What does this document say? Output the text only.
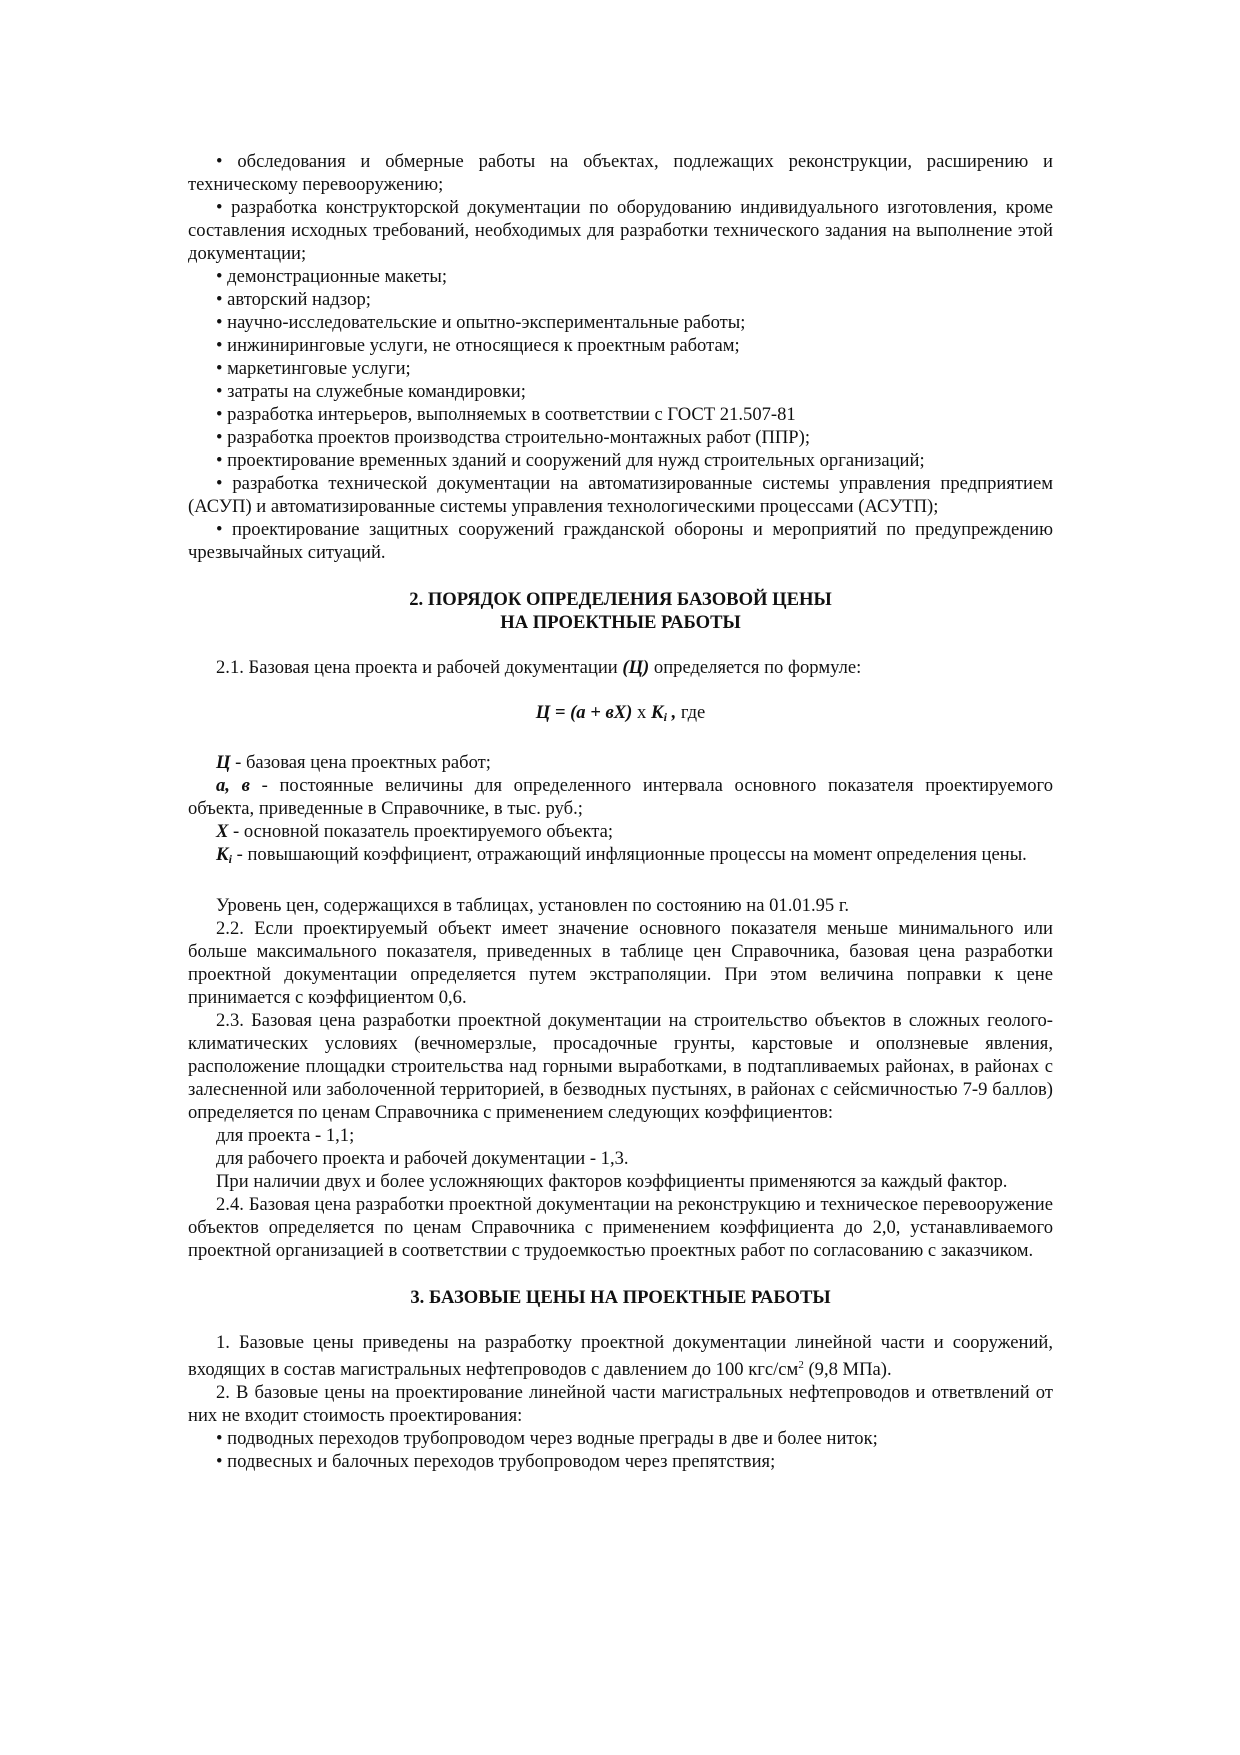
• обследования и обмерные работы на объектах, подлежащих реконструкции, расширению и техническому перевооружению;

• разработка конструкторской документации по оборудованию индивидуального изготовления, кроме составления исходных требований, необходимых для разработки технического задания на выполнение этой документации;

• демонстрационные макеты;

• авторский надзор;

• научно-исследовательские и опытно-экспериментальные работы;

• инжиниринговые услуги, не относящиеся к проектным работам;

• маркетинговые услуги;

• затраты на служебные командировки;

• разработка интерьеров, выполняемых в соответствии с ГОСТ 21.507-81

• разработка проектов производства строительно-монтажных работ (ППР);

• проектирование временных зданий и сооружений для нужд строительных организаций;

• разработка технической документации на автоматизированные системы управления предприятием (АСУП) и автоматизированные системы управления технологическими процессами (АСУТП);

• проектирование защитных сооружений гражданской обороны и мероприятий по предупреждению чрезвычайных ситуаций.

2. ПОРЯДОК ОПРЕДЕЛЕНИЯ БАЗОВОЙ ЦЕНЫ
НА ПРОЕКТНЫЕ РАБОТЫ

2.1. Базовая цена проекта и рабочей документации (Ц) определяется по формуле:

Ц = (а + вХ) х $К_i$ , где

Ц - базовая цена проектных работ;

а, в - постоянные величины для определенного интервала основного показателя проектируемого объекта, приведенные в Справочнике, в тыс. руб.;

Х - основной показатель проектируемого объекта;

$К_i$ - повышающий коэффициент, отражающий инфляционные процессы на момент определения цены.

Уровень цен, содержащихся в таблицах, установлен по состоянию на 01.01.95 г.

2.2. Если проектируемый объект имеет значение основного показателя меньше минимального или больше максимального показателя, приведенных в таблице цен Справочника, базовая цена разработки проектной документации определяется путем экстраполяции. При этом величина поправки к цене принимается с коэффициентом 0,6.

2.3. Базовая цена разработки проектной документации на строительство объектов в сложных геолого-климатических условиях (вечномерзлые, просадочные грунты, карстовые и оползневые явления, расположение площадки строительства над горными выработками, в подтапливаемых районах, в районах с залесненной или заболоченной территорией, в безводных пустынях, в районах с сейсмичностью 7-9 баллов) определяется по ценам Справочника с применением следующих коэффициентов:

для проекта - 1,1;

для рабочего проекта и рабочей документации - 1,3.

При наличии двух и более усложняющих факторов коэффициенты применяются за каждый фактор.

2.4. Базовая цена разработки проектной документации на реконструкцию и техническое перевооружение объектов определяется по ценам Справочника с применением коэффициента до 2,0, устанавливаемого проектной организацией в соответствии с трудоемкостью проектных работ по согласованию с заказчиком.

3. БАЗОВЫЕ ЦЕНЫ НА ПРОЕКТНЫЕ РАБОТЫ

1. Базовые цены приведены на разработку проектной документации линейной части и сооружений, входящих в состав магистральных нефтепроводов с давлением до 100 кгс/$см^2$ (9,8 МПа).

2. В базовые цены на проектирование линейной части магистральных нефтепроводов и ответвлений от них не входит стоимость проектирования:

• подводных переходов трубопроводом через водные преграды в две и более ниток;

• подвесных и балочных переходов трубопроводом через препятствия;
